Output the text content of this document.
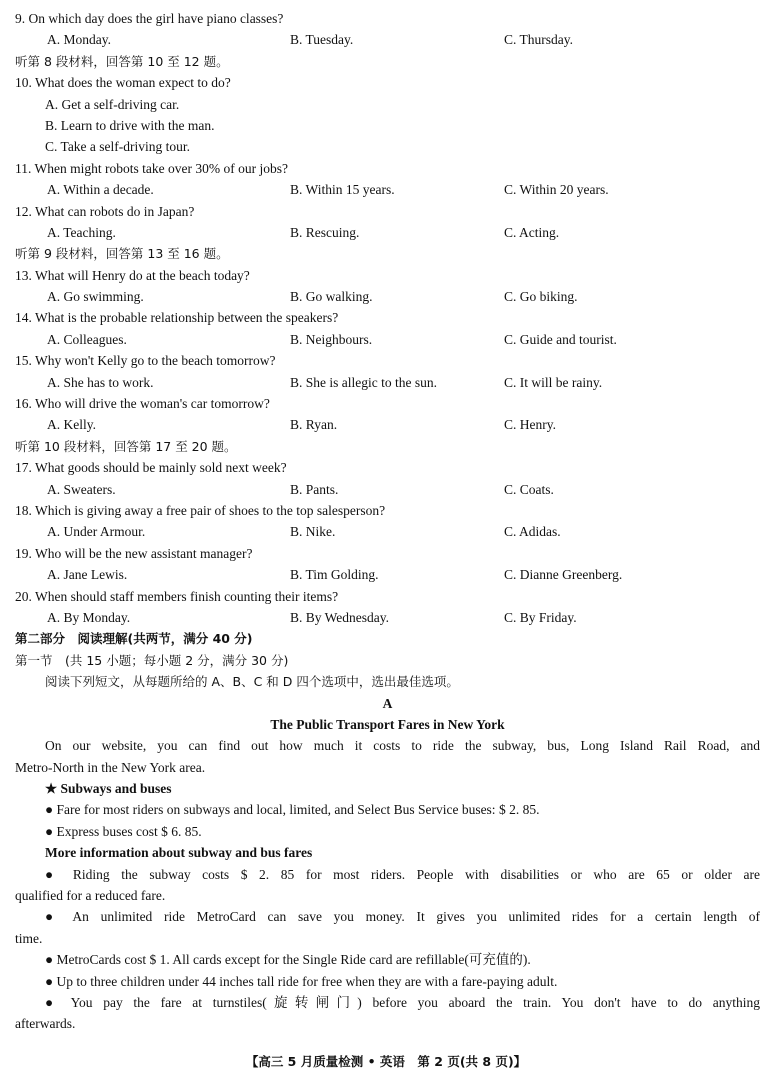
9. On which day does the girl have piano classes?
A. Monday.	B. Tuesday.	C. Thursday.
听第 8 段材料，回答第 10 至 12 题。
10. What does the woman expect to do?
A. Get a self-driving car.
B. Learn to drive with the man.
C. Take a self-driving tour.
11. When might robots take over 30% of our jobs?
A. Within a decade.	B. Within 15 years.	C. Within 20 years.
12. What can robots do in Japan?
A. Teaching.	B. Rescuing.	C. Acting.
听第 9 段材料，回答第 13 至 16 题。
13. What will Henry do at the beach today?
A. Go swimming.	B. Go walking.	C. Go biking.
14. What is the probable relationship between the speakers?
A. Colleagues.	B. Neighbours.	C. Guide and tourist.
15. Why won't Kelly go to the beach tomorrow?
A. She has to work.	B. She is allegic to the sun.	C. It will be rainy.
16. Who will drive the woman's car tomorrow?
A. Kelly.	B. Ryan.	C. Henry.
听第 10 段材料，回答第 17 至 20 题。
17. What goods should be mainly sold next week?
A. Sweaters.	B. Pants.	C. Coats.
18. Which is giving away a free pair of shoes to the top salesperson?
A. Under Armour.	B. Nike.	C. Adidas.
19. Who will be the new assistant manager?
A. Jane Lewis.	B. Tim Golding.	C. Dianne Greenberg.
20. When should staff members finish counting their items?
A. By Monday.	B. By Wednesday.	C. By Friday.
第二部分　阅读理解(共两节，满分 40 分)
第一节　(共 15 小题；每小题 2 分，满分 30 分)
阅读下列短文，从每题所给的 A、B、C 和 D 四个选项中，选出最佳选项。
A
The Public Transport Fares in New York
On our website, you can find out how much it costs to ride the subway, bus, Long Island Rail Road, and
Metro-North in the New York area.
★ Subways and buses
● Fare for most riders on subways and local, limited, and Select Bus Service buses: $ 2. 85.
● Express buses cost $ 6. 85.
More information about subway and bus fares
● Riding the subway costs $ 2. 85 for most riders. People with disabilities or who are 65 or older are
qualified for a reduced fare.
● An unlimited ride MetroCard can save you money. It gives you unlimited rides for a certain length of
time.
● MetroCards cost $ 1. All cards except for the Single Ride card are refillable(可充值的).
● Up to three children under 44 inches tall ride for free when they are with a fare-paying adult.
● You pay the fare at turnstiles(旋转闸门) before you aboard the train. You don't have to do anything
afterwards.
【高三 5 月质量检测 • 英语　第 2 页(共 8 页)】
